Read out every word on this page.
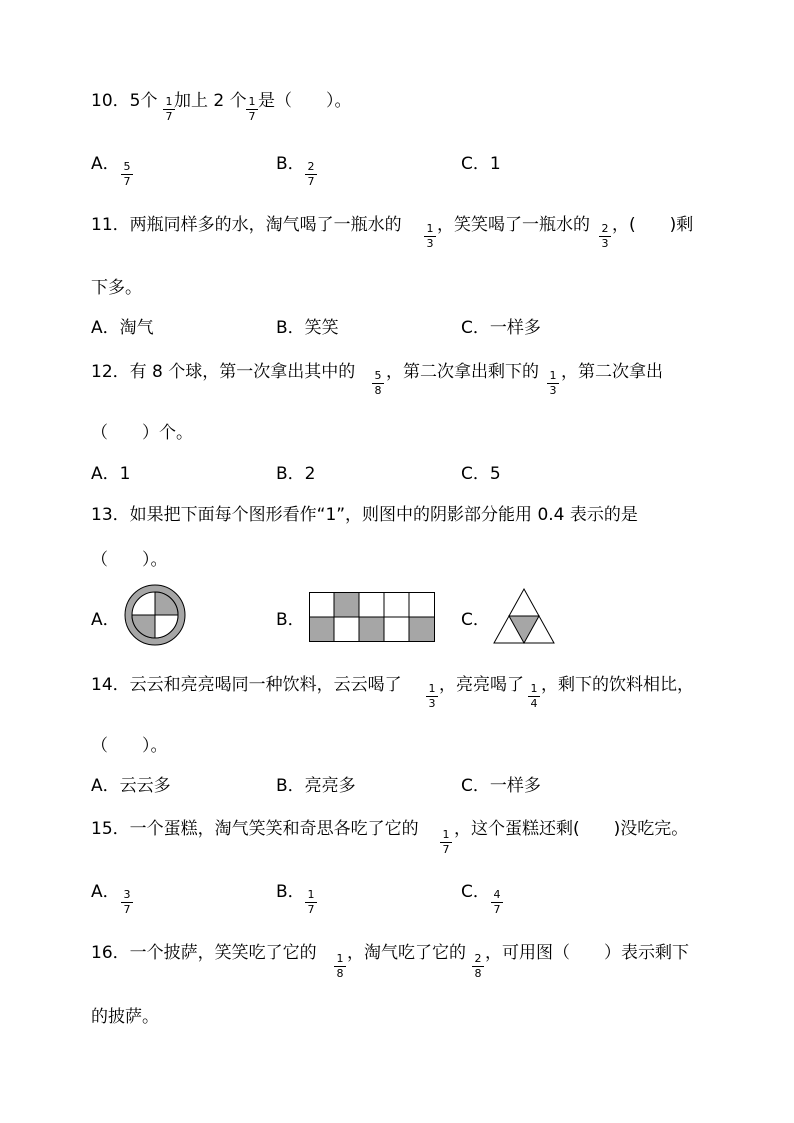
10．5个 1
7
加上 2 个 1
7
是（　　）。
A． 5
7
B． 2
7
C．1
11．两瓶同样多的水，淘气喝了一瓶水的	1
3
，笑笑喝了一瓶水的	2
3
，(　　)剩
下多。
A．淘气	B．笑笑	C．一样多
12．有 8 个球，第一次拿出其中的	5
8
，第二次拿出剩下的 1
3
，第二次拿出
（　　）个。
A．1	B．2	C．5
13．如果把下面每个图形看作“1”，则图中的阴影部分能用 0.4 表示的是
（　　）。
A．	B．	C．
14．云云和亮亮喝同一种饮料，云云喝了	1
3
，亮亮喝了 1
4
，剩下的饮料相比，
（　　）。
A．云云多	B．亮亮多	C．一样多
15．一个蛋糕，淘气笑笑和奇思各吃了它的	1
7
，这个蛋糕还剩(　　)没吃完。
A． 3
7
B． 1
7
C． 4
7
16．一个披萨，笑笑吃了它的	1
8
，淘气吃了它的 2
8
，可用图（　　）表示剩下
的披萨。
